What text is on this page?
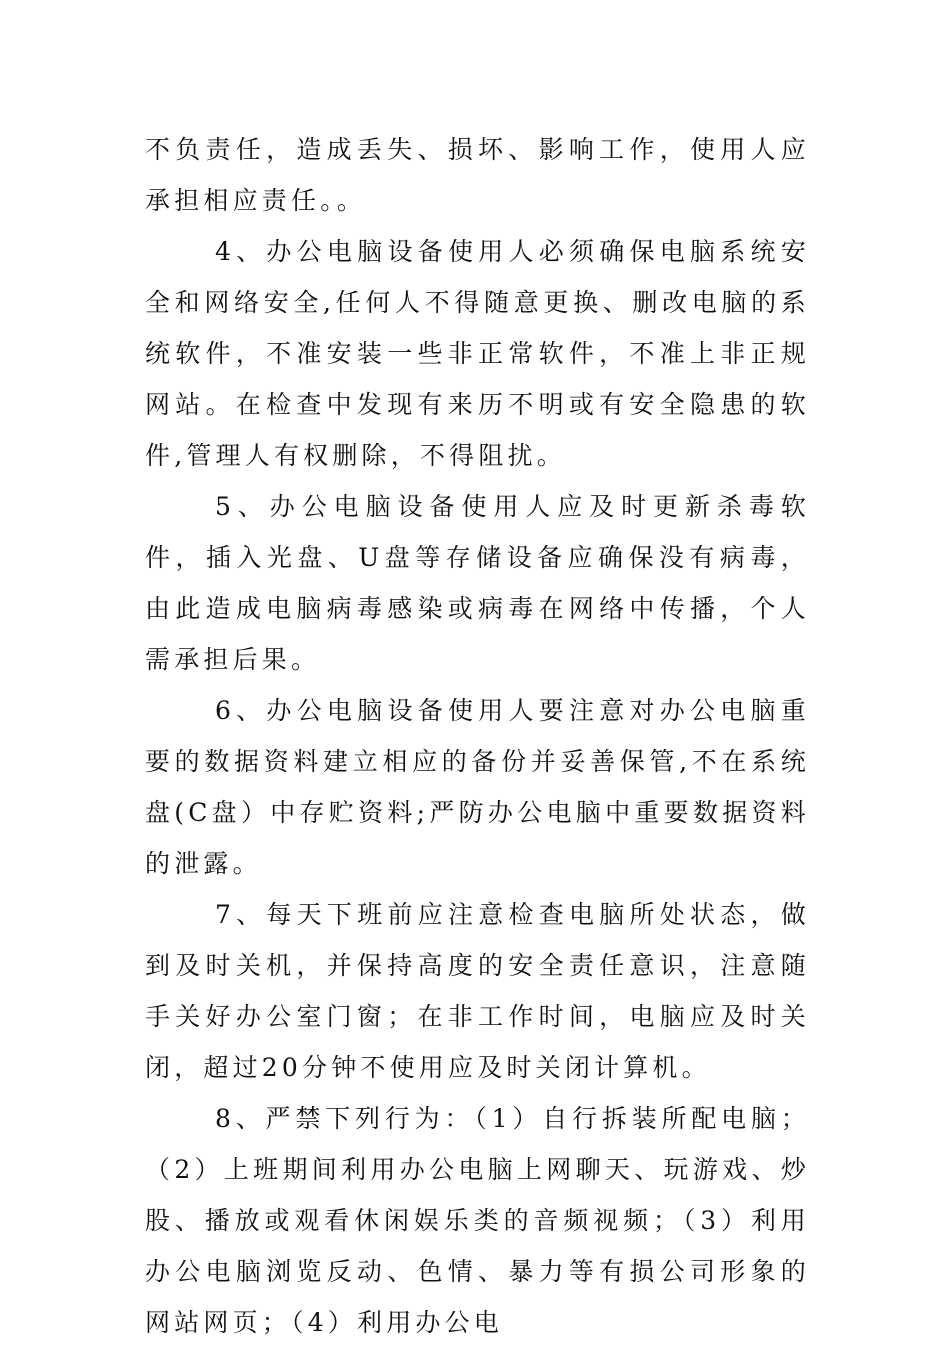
不负责任，造成丢失、损坏、影响工作，使用人应承担相应责任。。

4、办公电脑设备使用人必须确保电脑系统安全和网络安全,任何人不得随意更换、删改电脑的系统软件，不准安装一些非正常软件，不准上非正规网站。在检查中发现有来历不明或有安全隐患的软件,管理人有权删除，不得阻扰。

5、办公电脑设备使用人应及时更新杀毒软件，插入光盘、U盘等存储设备应确保没有病毒，由此造成电脑病毒感染或病毒在网络中传播，个人需承担后果。

6、办公电脑设备使用人要注意对办公电脑重要的数据资料建立相应的备份并妥善保管,不在系统盘(C盘）中存贮资料;严防办公电脑中重要数据资料的泄露。

7、每天下班前应注意检查电脑所处状态，做到及时关机，并保持高度的安全责任意识，注意随手关好办公室门窗；在非工作时间，电脑应及时关闭，超过20分钟不使用应及时关闭计算机。

8、严禁下列行为：（1）自行拆装所配电脑；（2）上班期间利用办公电脑上网聊天、玩游戏、炒股、播放或观看休闲娱乐类的音频视频；（3）利用办公电脑浏览反动、色情、暴力等有损公司形象的网站网页；（4）利用办公电
